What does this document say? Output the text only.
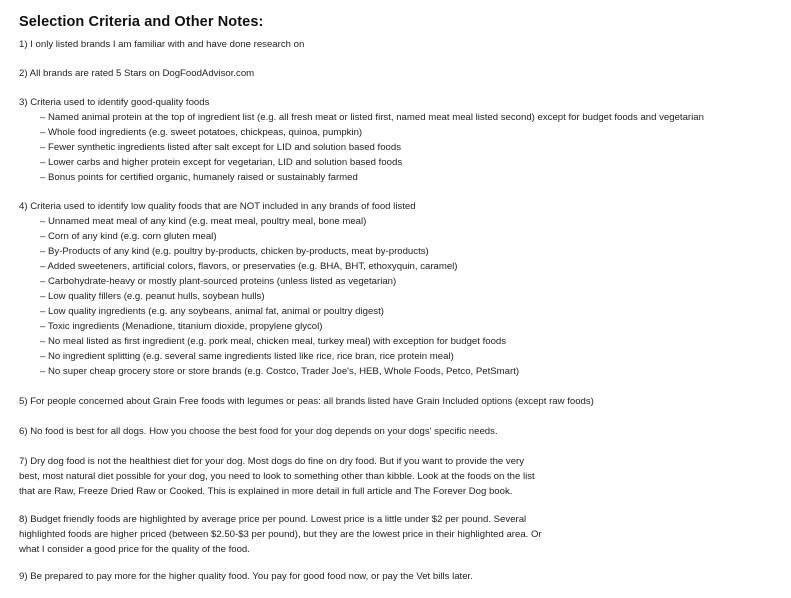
Selection Criteria and Other Notes:
1) I only listed brands I am familiar with and have done research on
2) All brands are rated 5 Stars on DogFoodAdvisor.com
3) Criteria used to identify good-quality foods
– Named animal protein at the top of ingredient list (e.g. all fresh meat or listed first, named meat meal listed second) except for budget foods and vegetarian
– Whole food ingredients (e.g. sweet potatoes, chickpeas, quinoa, pumpkin)
– Fewer synthetic ingredients listed after salt except for LID and solution based foods
– Lower carbs and higher protein except for vegetarian, LID and solution based foods
– Bonus points for certified organic, humanely raised or sustainably farmed
4) Criteria used to identify low quality foods that are NOT included in any brands of food listed
– Unnamed meat meal of any kind (e.g. meat meal, poultry meal, bone meal)
– Corn of any kind (e.g. corn gluten meal)
– By-Products of any kind (e.g. poultry by-products, chicken by-products, meat by-products)
– Added sweeteners, artificial colors, flavors, or preservaties (e.g. BHA, BHT, ethoxyquin, caramel)
– Carbohydrate-heavy or mostly plant-sourced proteins (unless listed as vegetarian)
– Low quality fillers (e.g. peanut hulls, soybean hulls)
– Low quality ingredients (e.g. any soybeans, animal fat, animal or poultry digest)
– Toxic ingredients (Menadione, titanium dioxide, propylene glycol)
– No meal listed as first ingredient (e.g. pork meal, chicken meal, turkey meal) with exception for budget foods
– No ingredient splitting (e.g. several same ingredients listed like rice, rice bran, rice protein meal)
– No super cheap grocery store or store brands (e.g. Costco, Trader Joe's, HEB, Whole Foods, Petco, PetSmart)
5) For people concerned about Grain Free foods with legumes or peas: all brands listed have Grain Included options (except raw foods)
6) No food is best for all dogs. How you choose the best food for your dog depends on your dogs' specific needs.
7) Dry dog food is not the healthiest diet for your dog. Most dogs do fine on dry food. But if you want to provide the very
best, most natural diet possible for your dog, you need to look to something other than kibble. Look at the foods on the list
that are Raw, Freeze Dried Raw or Cooked. This is explained in more detail in full article and The Forever Dog book.
8) Budget friendly foods are highlighted by average price per pound. Lowest price is a little under $2 per pound. Several
highlighted foods are higher priced (between $2.50-$3 per pound), but they are the lowest price in their highlighted area. Or
what I consider a good price for the quality of the food.
9) Be prepared to pay more for the higher quality food. You pay for good food now, or pay the Vet bills later.
